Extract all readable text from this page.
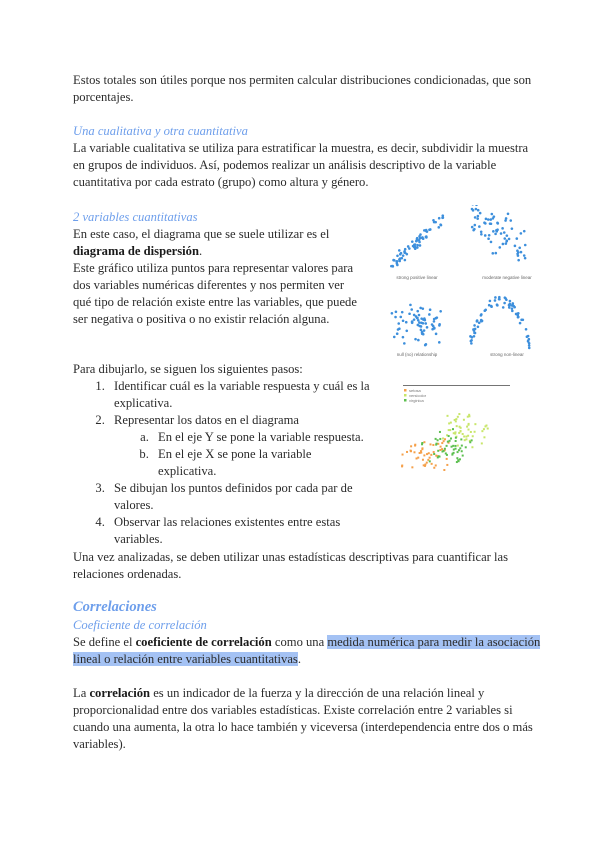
Estos totales son útiles porque nos permiten calcular distribuciones condicionadas, que son porcentajes.

Una cualitativa y otra cuantitativa

La variable cualitativa se utiliza para estratificar la muestra, es decir, subdividir la muestra en grupos de individuos. Así, podemos realizar un análisis descriptivo de la variable cuantitativa por cada estrato (grupo) como altura y género.

2 variables cuantitativas

En este caso, el diagrama que se suele utilizar es el diagrama de dispersión.

Este gráfico utiliza puntos para representar valores para dos variables numéricas diferentes y nos permiten ver qué tipo de relación existe entre las variables, que puede ser negativa o positiva o no existir relación alguna.

strong positive linear	moderate negative linear
null (no) relationship	strong non-linear

Para dibujarlo, se siguen los siguientes pasos:

1. Identificar cuál es la variable respuesta y cuál es la explicativa.
2. Representar los datos en el diagrama
a. En el eje Y se pone la variable respuesta.
b. En el eje X se pone la variable explicativa.
3. Se dibujan los puntos definidos por cada par de valores.
4. Observar las relaciones existentes entre estas variables.
setosa
versicolor
virginica

Una vez analizadas, se deben utilizar unas estadísticas descriptivas para cuantificar las relaciones ordenadas.

Correlaciones

Coeficiente de correlación

Se define el coeficiente de correlación como una medida numérica para medir la asociación lineal o relación entre variables cuantitativas.

La correlación es un indicador de la fuerza y la dirección de una relación lineal y proporcionalidad entre dos variables estadísticas. Existe correlación entre 2 variables si cuando una aumenta, la otra lo hace también y viceversa (interdependencia entre dos o más variables).
